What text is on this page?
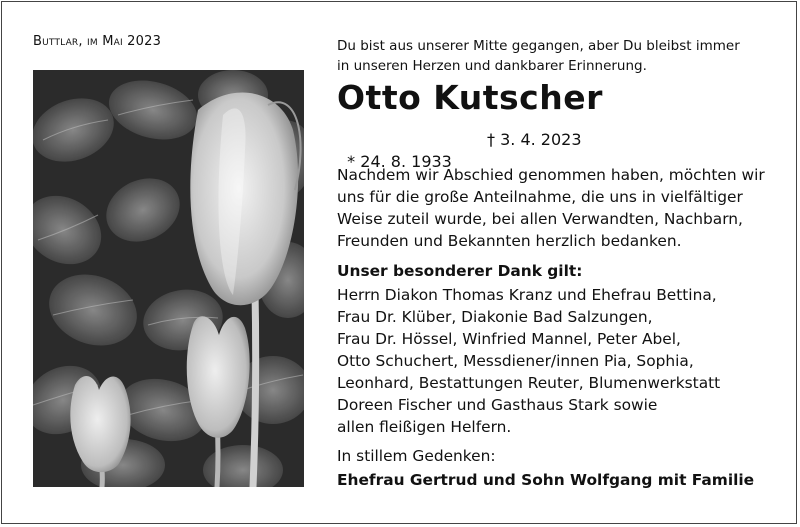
Buttlar, im Mai 2023	Du bist aus unserer Mitte gegangen, aber Du bleibst immer
in unseren Herzen und dankbarer Erinnerung.
Otto Kutscher

* 24. 8. 1933

† 3. 4. 2023

Nachdem wir Abschied genommen haben, möchten wir
uns für die große Anteilnahme, die uns in vielfältiger
Weise zuteil wurde, bei allen Verwandten, Nachbarn,
Freunden und Bekannten herzlich bedanken.
Unser besonderer Dank gilt:
Herrn Diakon Thomas Kranz und Ehefrau Bettina,
Frau Dr. Klüber, Diakonie Bad Salzungen,
Frau Dr. Hössel, Winfried Mannel, Peter Abel,
Otto Schuchert, Messdiener/innen Pia, Sophia,
Leonhard, Bestattungen Reuter, Blumenwerkstatt
Doreen Fischer und Gasthaus Stark sowie
allen fleißigen Helfern.
In stillem Gedenken:
Ehefrau Gertrud und Sohn Wolfgang mit Familie
